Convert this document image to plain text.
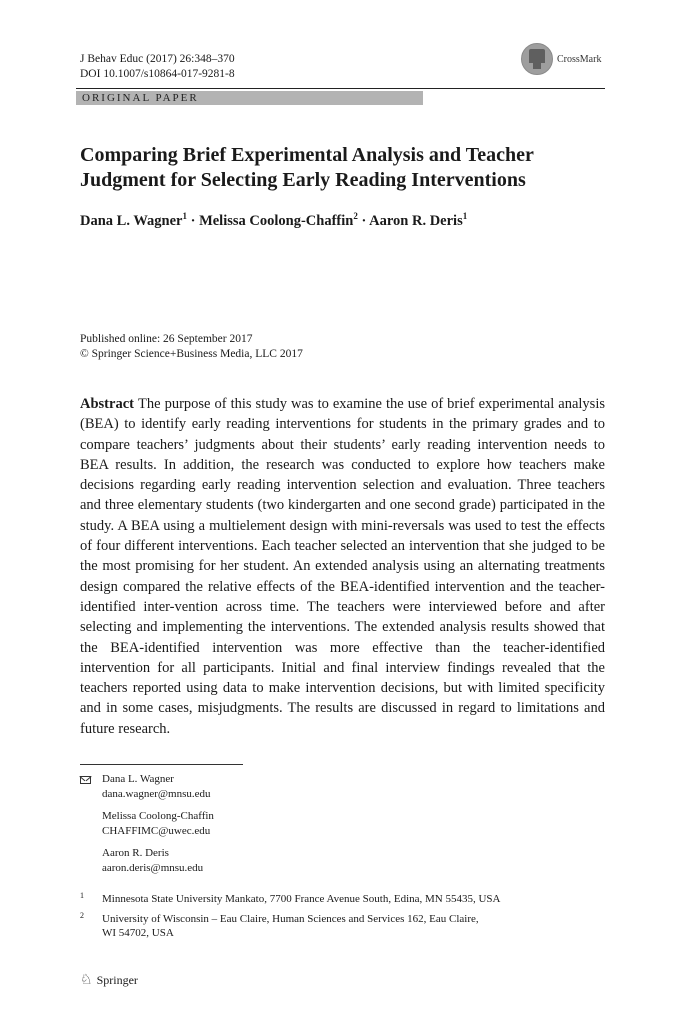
J Behav Educ (2017) 26:348–370
DOI 10.1007/s10864-017-9281-8
CrossMark
ORIGINAL PAPER
Comparing Brief Experimental Analysis and Teacher
Judgment for Selecting Early Reading Interventions
Dana L. Wagner$^1$ · Melissa Coolong-Chaffin$^2$ · Aaron R. Deris$^1$
Published online: 26 September 2017
© Springer Science+Business Media, LLC 2017
Abstract The purpose of this study was to examine the use of brief experimental analysis (BEA) to identify early reading interventions for students in the primary grades and to compare teachers’ judgments about their students’ early reading intervention needs to BEA results. In addition, the research was conducted to explore how teachers make decisions regarding early reading intervention selection and evaluation. Three teachers and three elementary students (two kindergarten and one second grade) participated in the study. A BEA using a multielement design with mini-reversals was used to test the effects of four different interventions. Each teacher selected an intervention that she judged to be the most promising for her student. An extended analysis using an alternating treatments design compared the relative effects of the BEA-identified intervention and the teacher-identified inter-vention across time. The teachers were interviewed before and after selecting and implementing the interventions. The extended analysis results showed that the BEA-identified intervention was more effective than the teacher-identified intervention for all participants. Initial and final interview findings revealed that the teachers reported using data to make intervention decisions, but with limited specificity and in some cases, misjudgments. The results are discussed in regard to limitations and future research.
Dana L. Wagner
dana.wagner@mnsu.edu
Melissa Coolong-Chaffin
CHAFFIMC@uwec.edu
Aaron R. Deris
aaron.deris@mnsu.edu
1 Minnesota State University Mankato, 7700 France Avenue South, Edina, MN 55435, USA
2 University of Wisconsin – Eau Claire, Human Sciences and Services 162, Eau Claire,
WI 54702, USA
♘ Springer
